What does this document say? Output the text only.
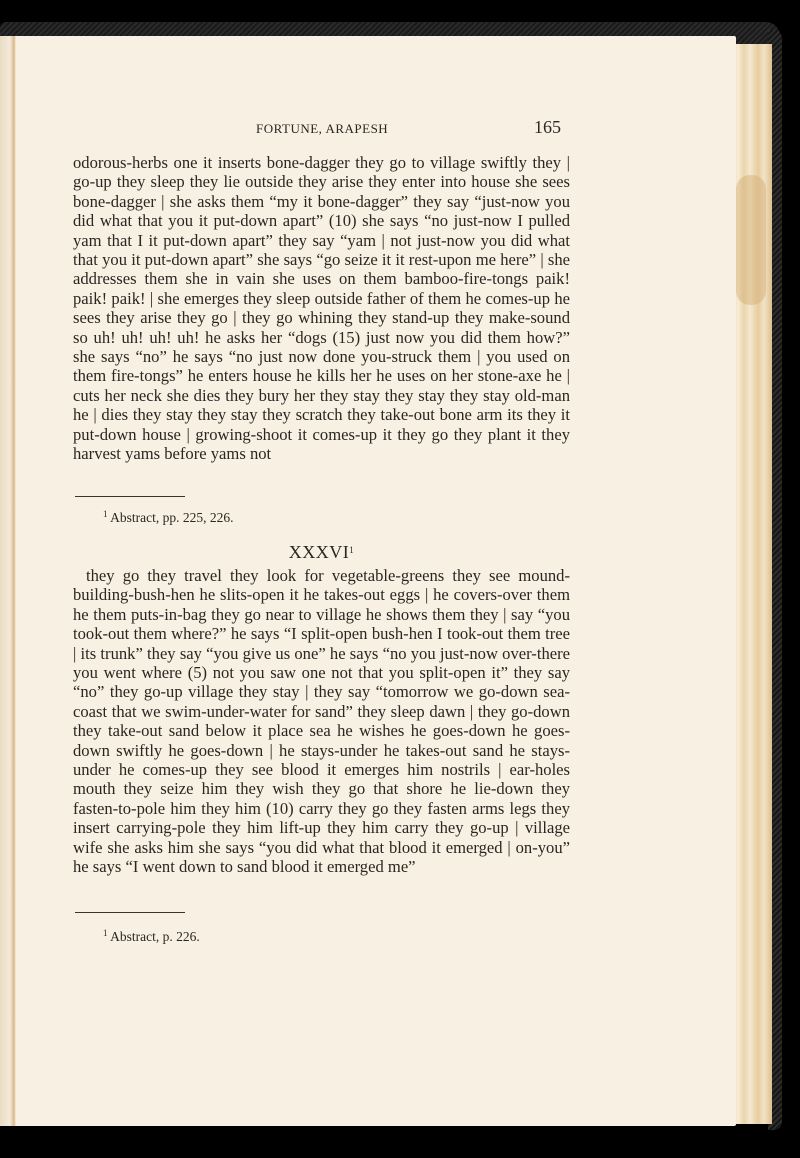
FORTUNE, ARAPESH	165

odorous-herbs one it inserts bone-dagger they go to village swiftly they | go-up they sleep they lie outside they arise they enter into house she sees bone-dagger | she asks them “my it bone-dagger” they say “just-now you did what that you it put-down apart” (10) she says “no just-now I pulled yam that I it put-down apart” they say “yam | not just-now you did what that you it put-down apart” she says “go seize it it rest-upon me here” | she addresses them she in vain she uses on them bamboo-fire-tongs paik! paik! paik! | she emerges they sleep outside father of them he comes-up he sees they arise they go | they go whining they stand-up they make-sound so uh! uh! uh! uh! he asks her “dogs (15) just now you did them how?” she says “no” he says “no just now done you-struck them | you used on them fire-tongs” he enters house he kills her he uses on her stone-axe he | cuts her neck she dies they bury her they stay they stay they stay old-man he | dies they stay they stay they scratch they take-out bone arm its they it put-down house | growing-shoot it comes-up it they go they plant it they harvest yams before yams not

$^1$ Abstract, pp. 225, 226.
XXXVI$^1$

they go they travel they look for vegetable-greens they see mound-building-bush-hen he slits-open it he takes-out eggs | he covers-over them he them puts-in-bag they go near to village he shows them they | say “you took-out them where?” he says “I split-open bush-hen I took-out them tree | its trunk” they say “you give us one” he says “no you just-now over-there you went where (5) not you saw one not that you split-open it” they say “no” they go-up village they stay | they say “tomorrow we go-down sea-coast that we swim-under-water for sand” they sleep dawn | they go-down they take-out sand below it place sea he wishes he goes-down he goes-down swiftly he goes-down | he stays-under he takes-out sand he stays-under he comes-up they see blood it emerges him nostrils | ear-holes mouth they seize him they wish they go that shore he lie-down they fasten-to-pole him they him (10) carry they go they fasten arms legs they insert carrying-pole they him lift-up they him carry they go-up | village wife she asks him she says “you did what that blood it emerged | on-you” he says “I went down to sand blood it emerged me”

$^1$ Abstract, p. 226.
